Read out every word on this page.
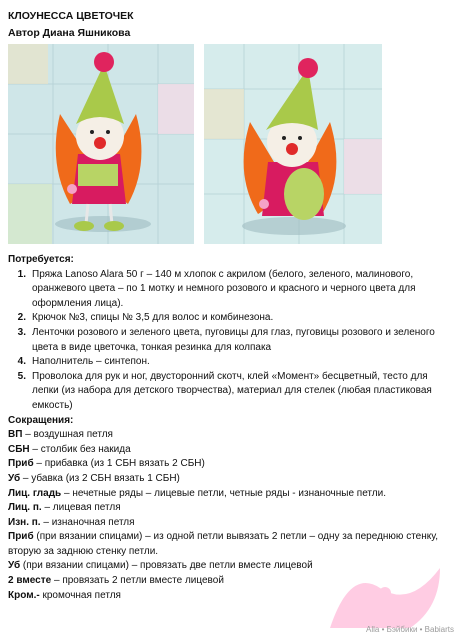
КЛОУНЕССА ЦВЕТОЧЕК
Автор Диана Яшникова
Потребуется:
1. Пряжа Lanoso Alara 50 г – 140 м хлопок с акрилом (белого, зеленого, малинового, оранжевого цвета – по 1 мотку и немного розового и красного и черного цвета для оформления лица).
2. Крючок №3, спицы № 3,5 для волос и комбинезона.
3. Ленточки розового и зеленого цвета, пуговицы для глаз, пуговицы розового и зеленого цвета в виде цветочка, тонкая резинка для колпака
4. Наполнитель – синтепон.
5. Проволока для рук и ног, двусторонний скотч, клей «Момент» бесцветный, тесто для лепки (из набора для детского творчества), материал для стелек (любая пластиковая емкость)
Сокращения:
ВП – воздушная петля
СБН – столбик без накида
Приб – прибавка (из 1 СБН вязать 2 СБН)
Уб – убавка (из 2 СБН вязать 1 СБН)
Лиц. гладь – нечетные ряды – лицевые петли, четные ряды - изнаночные петли.
Лиц. п. – лицевая петля
Изн. п. – изнаночная петля
Приб (при вязании спицами) – из одной петли вывязать 2 петли – одну за переднюю стенку, вторую за заднюю стенку петли.
Уб (при вязании спицами) – провязать две петли вместе лицевой
2 вместе – провязать 2 петли вместе лицевой
Кром.- кромочная петля
Alla • Бэйбики • Babiarts
